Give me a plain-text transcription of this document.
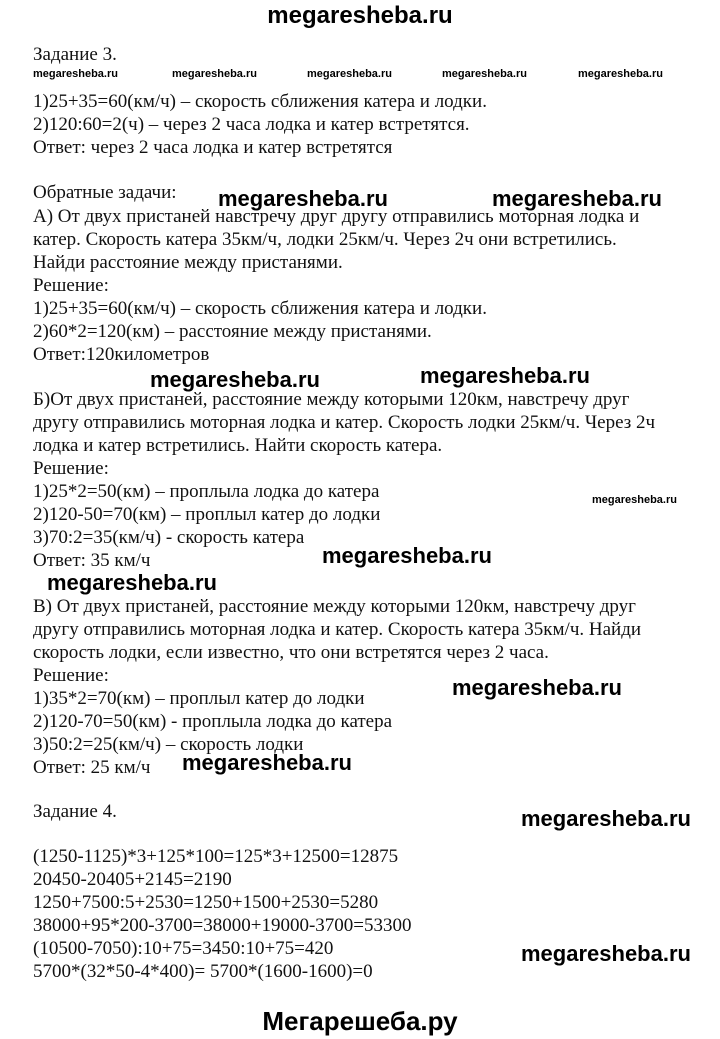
megaresheba.ru
Задание 3.
megaresheba.ru	megaresheba.ru	megaresheba.ru	megaresheba.ru	megaresheba.ru
1)25+35=60(км/ч) – скорость сближения катера и лодки.
2)120:60=2(ч) – через 2 часа лодка и катер встретятся.
Ответ: через 2 часа лодка и катер встретятся
Обратные задачи: megaresheba.ru	megaresheba.ru
А) От двух пристаней навстречу друг другу отправились моторная лодка и
катер. Скорость катера 35км/ч, лодки 25км/ч. Через 2ч они встретились.
Найди расстояние между пристанями.
Решение:
1)25+35=60(км/ч) – скорость сближения катера и лодки.
2)60*2=120(км) – расстояние между пристанями.
Ответ:120километров
megaresheba.ru	megaresheba.ru
Б)От двух пристаней, расстояние между которыми 120км, навстречу друг
другу отправились моторная лодка и катер. Скорость лодки 25км/ч. Через 2ч
лодка и катер встретились. Найти скорость катера.
Решение:
1)25*2=50(км) – проплыла лодка до катера	megaresheba.ru
2)120-50=70(км) – проплыл катер до лодки
3)70:2=35(км/ч) - скорость катера
Ответ: 35 км/ч	megaresheba.ru
megaresheba.ru
В) От двух пристаней, расстояние между которыми 120км, навстречу друг
другу отправились моторная лодка и катер. Скорость катера 35км/ч. Найди
скорость лодки, если известно, что они встретятся через 2 часа.
Решение:
1)35*2=70(км) – проплыл катер до лодки	megaresheba.ru
2)120-70=50(км) - проплыла лодка до катера
3)50:2=25(км/ч) – скорость лодки
Ответ: 25 км/ч megaresheba.ru
Задание 4.	megaresheba.ru
(1250-1125)*3+125*100=125*3+12500=12875
20450-20405+2145=2190
1250+7500:5+2530=1250+1500+2530=5280
38000+95*200-3700=38000+19000-3700=53300
(10500-7050):10+75=3450:10+75=420	megaresheba.ru
5700*(32*50-4*400)= 5700*(1600-1600)=0
Мегарешеба.ру
